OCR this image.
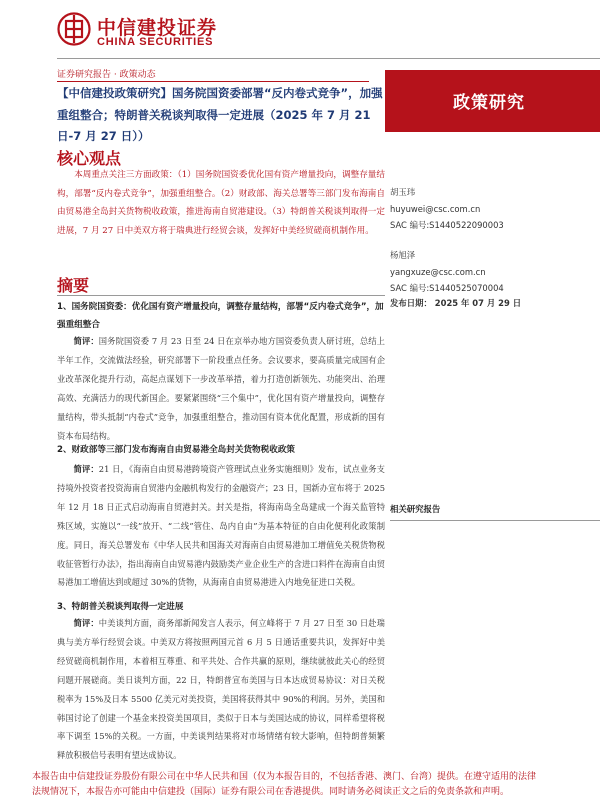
中信建投证券
CHINA SECURITIES
证券研究报告 · 政策动态
【中信建投政策研究】国务院国资委部署“反内卷式竞争”，加强重组整合；特朗普关税谈判取得一定进展（2025 年 7 月 21 日-7 月 27 日））
政策研究
核心观点
本周重点关注三方面政策：（1）国务院国资委优化国有资产增量投向，调整存量结构，部署“反内卷式竞争”，加强重组整合。（2）财政部、海关总署等三部门发布海南自由贸易港全岛封关货物税收政策，推进海南自贸港建设。（3）特朗普关税谈判取得一定进展，7 月 27 日中美双方将于瑞典进行经贸会谈，发挥好中美经贸磋商机制作用。
摘要
1、国务院国资委：优化国有资产增量投向，调整存量结构，部署“反内卷式竞争”，加强重组整合
简评：国务院国资委 7 月 23 日至 24 日在京举办地方国资委负责人研讨班，总结上半年工作，交流做法经验，研究部署下一阶段重点任务。会议要求，要高质量完成国有企业改革深化提升行动，高起点谋划下一步改革举措，着力打造创新领先、功能突出、治理高效、充满活力的现代新国企。要紧紧围绕“三个集中”，优化国有资产增量投向，调整存量结构，带头抵制“内卷式”竞争，加强重组整合，推动国有资本优化配置，形成新的国有资本布局结构。
2、财政部等三部门发布海南自由贸易港全岛封关货物税收政策
简评：21 日，《海南自由贸易港跨境资产管理试点业务实施细则》发布，试点业务支持境外投资者投资海南自贸港内金融机构发行的金融资产；23 日，国新办宣布将于 2025 年 12 月 18 日正式启动海南自贸港封关。封关是指，将海南岛全岛建成一个海关监管特殊区域，实施以“一线”放开、“二线”管住、岛内自由”为基本特征的自由化便利化政策制度。同日，海关总署发布《中华人民共和国海关对海南自由贸易港加工增值免关税货物税收征管暂行办法》，指出海南自由贸易港内鼓励类产业企业生产的含进口料件在海南自由贸易港加工增值达到或超过 30%的货物，从海南自由贸易港进入内地免征进口关税。
3、特朗普关税谈判取得一定进展
简评：中美谈判方面，商务部新闻发言人表示，何立峰将于 7 月 27 日至 30 日赴瑞典与美方举行经贸会谈。中美双方将按照两国元首 6 月 5 日通话重要共识，发挥好中美经贸磋商机制作用，本着相互尊重、和平共处、合作共赢的原则，继续就彼此关心的经贸问题开展磋商。美日谈判方面，22 日，特朗普宣布美国与日本达成贸易协议：对日关税税率为 15%及日本 5500 亿美元对美投资，美国将获得其中 90%的利润。另外，美国和韩国讨论了创建一个基金来投资美国项目，类似于日本与美国达成的协议，同样希望将税率下调至 15%的关税。一方面，中美谈判结果将对市场情绪有较大影响，但特朗普频繁释放积极信号表明有望达成协议。
胡玉玮
huyuwei@csc.com.cn
SAC 编号:S1440522090003
杨旭泽
yangxuze@csc.com.cn
SAC 编号:S1440525070004
发布日期： 2025 年 07 月 29 日
相关研究报告
本报告由中信建投证券股份有限公司在中华人民共和国（仅为本报告目的，不包括香港、澳门、台湾）提供。在遵守适用的法律
法规情况下，本报告亦可能由中信建投（国际）证券有限公司在香港提供。同时请务必阅读正文之后的免责条款和声明。
